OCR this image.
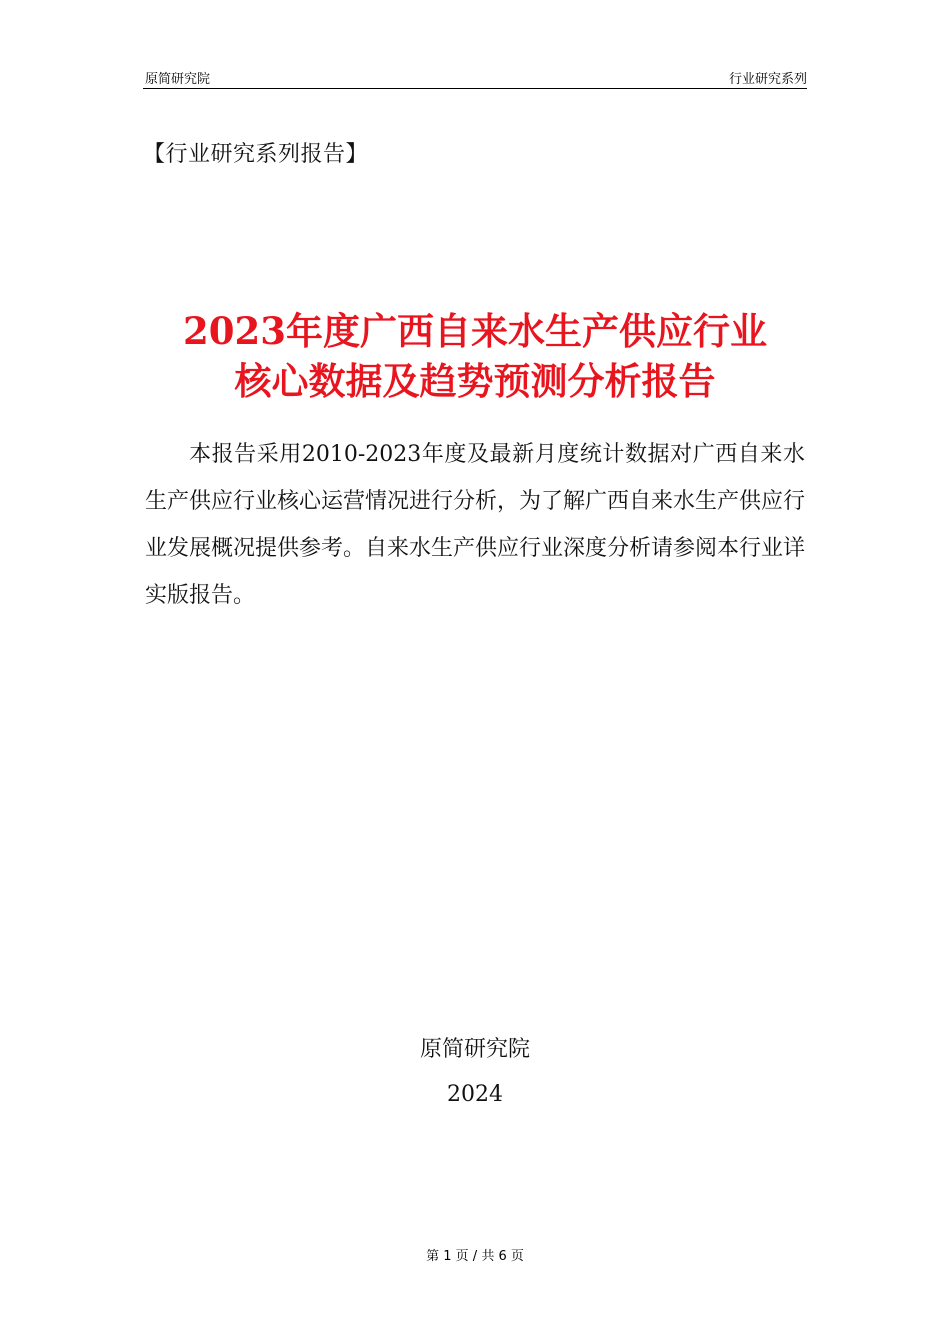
原简研究院	行业研究系列
【行业研究系列报告】
2023年度广西自来水生产供应行业
核心数据及趋势预测分析报告

本报告采用2010-2023年度及最新月度统计数据对广西自来水生产供应行业核心运营情况进行分析，为了解广西自来水生产供应行业发展概况提供参考。自来水生产供应行业深度分析请参阅本行业详实版报告。

原简研究院
2024
第 1 页 / 共 6 页
